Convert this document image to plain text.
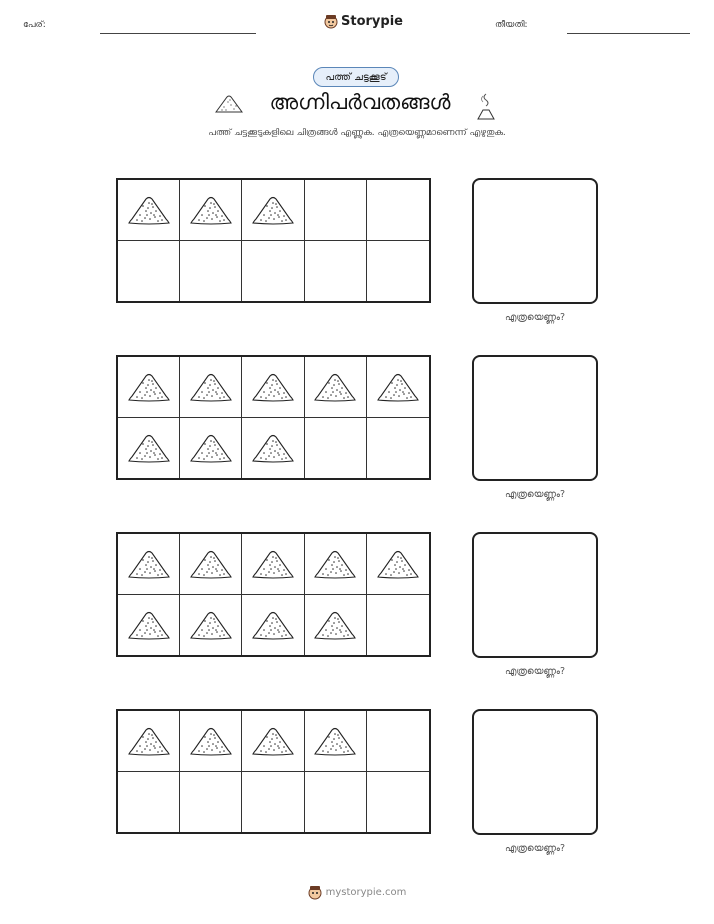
പേര്:	Storypie	തീയതി:
പത്ത് ചട്ടക്കൂട്
അഗ്നിപർവതങ്ങൾ
പത്ത് ചട്ടക്കൂടുകളിലെ ചിത്രങ്ങൾ എണ്ണുക. എത്രയെണ്ണമാണെന്ന് എഴുതുക.
എത്രയെണ്ണം?
എത്രയെണ്ണം?
എത്രയെണ്ണം?
എത്രയെണ്ണം?
mystorypie.com
